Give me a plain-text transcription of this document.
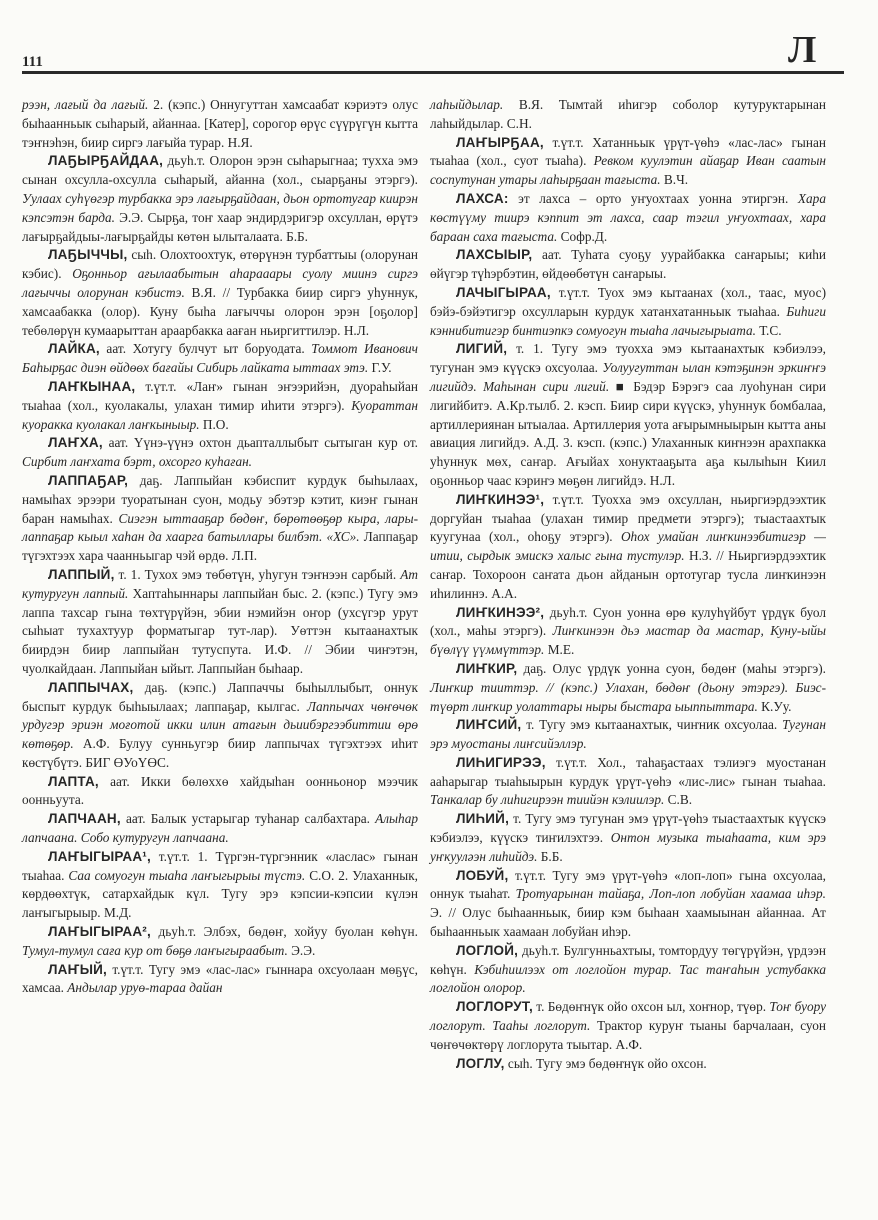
111	Л

рээн, лағый да лағый. 2. (кэпс.) Оннугуттан хамсаабат кэриэтэ олус быһаанньык сыһарый, айаннаа. [Катер], сорогор өрүс сүүрүгүн кытта тэҥнэһэн, биир сиргэ лағыйа турар. Н.Я.

ЛАҔЫРҔАЙДАА, дьуһ.т. Олорон эрэн сыһарыгнаа; тухха эмэ сынан охсулла-охсулла сыһарый, айанна (хол., сыарҕаны этэргэ). Уулаах суһүөгэр турбакка эрэ лағырҕайдаан, дьон ортотугар киирэн кэпсэтэн барда. Э.Э. Сырҕа, тоҥ хаар эндирдэригэр охсуллан, өрүтэ лағырҕайдыы-лағырҕайды көтөн ылыталаата. Б.Б.

ЛАҔЫЧЧЫ, сыһ. Олохтоохтук, өтөрүнэн турбаттыы (олорунан кэбис). Оҕонньор ағылаабытын аһарааары суолу миинэ сиргэ лағыччы олорунан кэбистэ. В.Я. // Турбакка биир сиргэ уһуннук, хамсаабакка (олор). Куну быһа лағыччы олорон эрэн [оҕолор] тебөлөрүн кумаарыттан араарбакка ааған ньиргиттилэр. Н.Л.

ЛАЙКА, аат. Хотугу булчут ыт боруодата. Томмот Иванович Баһырҕас диэн өйдөөх бағайы Сибирь лайката ыттаах этэ. Г.У.

ЛАҤКЫНАА, т.үт.т. «Лаҥ» гынан эҥээрийэн, дуораһыйан тыаһаа (хол., куолакалы, улахан тимир иһити этэргэ). Куораттан куоракка куолакал лаҥкыныыр. П.О.

ЛАҤХА, аат. Үүнэ-үүнэ охтон дьапталлыбыт сытыган кур от. Сирбит лаҥхата бэрт, охсорго куһаған.

ЛАППАҔАР, даҕ. Лаппыйан кэбиспит курдук быһылаах, намыһах эрээри туоратынан суон, модьу эбэтэр кэтит, киэҥ гынан баран намыһах. Сиэгэн ыттааҕар бөдөҥ, бөрөтөөҕөр кыра, лары-лаппаҕар кыыл хаһан да хаарга батыллары билбэт. «ХС». Лаппаҕар түгэхтээх хара чаанньыгар чэй өрдө. Л.П.

ЛАППЫЙ, т. 1. Тухох эмэ төбөтүн, уһугун тэҥнээн сарбый. Ат кутуругун лаппый. Хаптаһыннары лаппыйан быс. 2. (кэпс.) Тугу эмэ лаппа тахсар гына төхтүрүйэн, эбии нэмийэн оҥор (ухсүгэр урут сыһыат тухахтуур форматыгар тут-лар). Уөттэн кытаанахтык биирдэн биир лаппыйан тутуспута. И.Ф. // Эбии чиҥэтэн, чуолкайдаан. Лаппыйан ыйыт. Лаппыйан быһаар.

ЛАППЫЧАХ, даҕ. (кэпс.) Лаппаччы быһыллыбыт, оннук быспыт курдук быһыылаах; лаппаҕар, кылгас. Лаппычах чөҥөчөк урдугэр эриэн моғотой икки илин атағын дьиибэргээбиттии өрө көтөҕөр. А.Ф. Булуу сунньугэр биир лаппычах түгэхтээх иһит көстүбүтэ. БИГ ӨУоҮӨС.

ЛАПТА, аат. Икки бөлөххө хайдыһан оонньонор мээчик оонньуута.

ЛАПЧААН, аат. Балык устарыгар туһанар салбахтара. Алыһар лапчаана. Собо кутуругун лапчаана.

ЛАҤЫГЫРАА¹, т.үт.т. 1. Түргэн-түргэнник «ласлас» гынан тыаһаа. Саа сомуогун тыаһа лаҥыгырыы түстэ. С.О. 2. Улаханнык, көрдөөхтүк, сатархайдык күл. Тугу эрэ кэпсии-кэпсии күлэн лаҥыгырыыр. М.Д.

ЛАҤЫГЫРАА², дьуһ.т. Элбэх, бөдөҥ, хойуу буолан көһүн. Тумул-тумул саға кур от бөҕө лаҥыгыраабыт. Э.Э.

ЛАҤЫЙ, т.үт.т. Тугу эмэ «лас-лас» гыннара охсуолаан мөҕүс, хамсаа. Андылар уруө-тараа дайан

лаһыйдылар. В.Я. Тымтай иһигэр соболор кутуруктарынан лаһыйдылар. С.Н.

ЛАҤЫРҔАА, т.үт.т. Хатанньык үрүт-үөһэ «лас-лас» гынан тыаһаа (хол., суот тыаһа). Ревком куулэтин айаҕар Иван саатын соспутунан утары лаһырҕаан тағыста. В.Ч.

ЛАХСА: эт лахса – орто уҥуохтаах уонна этиргэн. Хара көстүүму тиирэ кэппит эт лахса, саар тэгил уҥуохтаах, хара бараан саха тағыста. Софр.Д.

ЛАХСЫЫР, аат. Туһата суоҕу уурайбакка саҥарыы; киһи өйүгэр түһэрбэтин, өйдөөбөтүн саҥарыы.

ЛАЧЫГЫРАА, т.үт.т. Туох эмэ кытаанах (хол., таас, муос) бэйэ-бэйэтигэр охсулларын курдук хатанхатанньык тыаһаа. Биһиги кэннибитигэр бинтиэпкэ сомуогун тыаһа лачыгырыата. Т.С.

ЛИГИЙ, т. 1. Тугу эмэ туохха эмэ кытаанахтык кэбиэлээ, тугунан эмэ күүскэ охсуолаа. Уолуугуттан ылан кэтэҕинэн эркиҥҥэ лигийдэ. Маһынан сири лигий. ■ Бэдэр Бэрэгэ саа луоһунан сири лигийбитэ. А.Кр.тылб. 2. кэсп. Биир сири күүскэ, уһуннук бомбалаа, артиллериянан ытыалаа. Артиллерия уота ағырымныырын кытта аны авиация лигийдэ. А.Д. 3. кэсп. (кэпс.) Улаханнык киҥнээн арахпакка уһуннук мөх, саҥар. Ағыйах хонуктааҕыта аҕа кылыһын Киил оҕонньор чаас кэриҥэ мөҕөн лигийдэ. Н.Л.

ЛИҤКИНЭЭ¹, т.үт.т. Туохха эмэ охсуллан, ньиргиэрдээхтик доргуйан тыаһаа (улахан тимир предмети этэргэ); тыастаахтык куугунаа (хол., оһоҕу этэргэ). Оһох умайан лиҥкинээбитигэр — итии, сырдык эмискэ халыс гына тустулэр. Н.З. // Ньиргиэрдээхтик саҥар. Тохороон саҥата дьон айданын ортотугар тусла лиҥкинээн иһилиннэ. А.А.

ЛИҤКИНЭЭ², дьуһ.т. Суон уонна өрө кулуһүйбут үрдүк буол (хол., маһы этэргэ). Лиҥкинээн дьэ мастар да мастар, Куну-ыйы бүөлүү үүммүттэр. М.Е.

ЛИҤКИР, даҕ. Олус үрдүк уонна суон, бөдөҥ (маһы этэргэ). Лиҥкир тииттэр. // (кэпс.) Улахан, бөдөҥ (дьону этэргэ). Биэс-түөрт лиҥкир уолаттары ныры быстара ыыппыттара. К.Уу.

ЛИҤСИЙ, т. Тугу эмэ кытаанахтык, чиҥник охсуолаа. Тугунан эрэ муостаны лиҥсийэллэр.

ЛИҺИГИРЭЭ, т.үт.т. Хол., таһаҕастаах тэлиэгэ муостанан ааһарыгар тыаһыырын курдук үрүт-үөһэ «лис-лис» гынан тыаһаа. Танкалар бу лиһигирээн тиийэн кэлиилэр. С.В.

ЛИҺИЙ, т. Тугу эмэ тугунан эмэ үрүт-үөһэ тыастаахтык күүскэ кэбиэлээ, күүскэ тиҥилэхтээ. Онтон музыка тыаһаата, ким эрэ уҥкууләэн лиһийдэ. Б.Б.

ЛОБУЙ, т.үт.т. Тугу эмэ үрүт-үөһэ «лоп-лоп» гына охсуолаа, оннук тыаһат. Тротуарынан тайаҕа, Лоп-лоп лобуйан хаамаа иһэр. Э. // Олус быһаанньык, биир кэм быһаан хаамыынан айаннаа. Ат быһаанньык хаамаан лобуйан иһэр.

ЛОГЛОЙ, дьуһ.т. Булгунньахтыы, томтордуу төгүрүйэн, үрдээн көһүн. Кэбиһиилээх от логлойон турар. Тас таҥаһын устубакка логлойон олорор.

ЛОГЛОРУТ, т. Бөдөҥнүк ойо охсон ыл, хоҥнор, түөр. Тоҥ буору логлорут. Тааһы логлорут. Трактор куруҥ тыаны барчалаан, суон чөҥөчөктөрү логлорута тыытар. А.Ф.

ЛОГЛУ, сыһ. Тугу эмэ бөдөҥнүк ойо охсон.
